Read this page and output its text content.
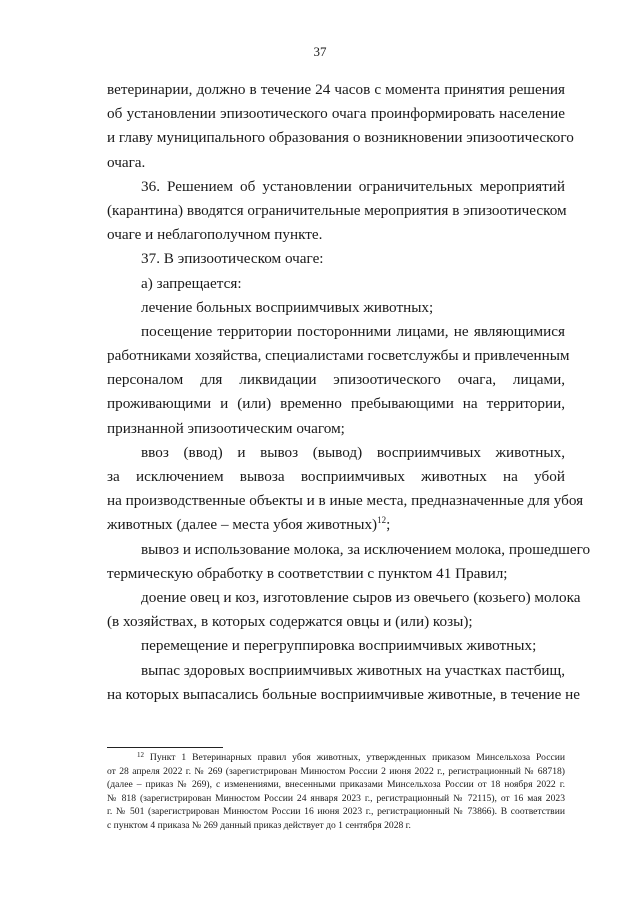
37
ветеринарии, должно в течение 24 часов с момента принятия решения
об установлении эпизоотического очага проинформировать население
и главу муниципального образования о возникновении эпизоотического
очага.
36. Решением об установлении ограничительных мероприятий
(карантина) вводятся ограничительные мероприятия в эпизоотическом
очаге и неблагополучном пункте.
37. В эпизоотическом очаге:
а) запрещается:
лечение больных восприимчивых животных;
посещение территории посторонними лицами, не являющимися
работниками хозяйства, специалистами госветслужбы и привлеченным
персоналом для ликвидации эпизоотического очага, лицами,
проживающими и (или) временно пребывающими на территории,
признанной эпизоотическим очагом;
ввоз (ввод) и вывоз (вывод) восприимчивых животных,
за исключением вывоза восприимчивых животных на убой
на производственные объекты и в иные места, предназначенные для убоя
животных (далее – места убоя животных)$^{12}$;
вывоз и использование молока, за исключением молока, прошедшего
термическую обработку в соответствии с пунктом 41 Правил;
доение овец и коз, изготовление сыров из овечьего (козьего) молока
(в хозяйствах, в которых содержатся овцы и (или) козы);
перемещение и перегруппировка восприимчивых животных;
выпас здоровых восприимчивых животных на участках пастбищ,
на которых выпасались больные восприимчивые животные, в течение не
$^{12}$ Пункт 1 Ветеринарных правил убоя животных, утвержденных приказом Минсельхоза России
от 28 апреля 2022 г. № 269 (зарегистрирован Минюстом России 2 июня 2022 г., регистрационный № 68718)
(далее – приказ № 269), с изменениями, внесенными приказами Минсельхоза России от 18 ноября 2022 г.
№ 818 (зарегистрирован Минюстом России 24 января 2023 г., регистрационный № 72115), от 16 мая 2023
г. № 501 (зарегистрирован Минюстом России 16 июня 2023 г., регистрационный № 73866). В соответствии
с пунктом 4 приказа № 269 данный приказ действует до 1 сентября 2028 г.
